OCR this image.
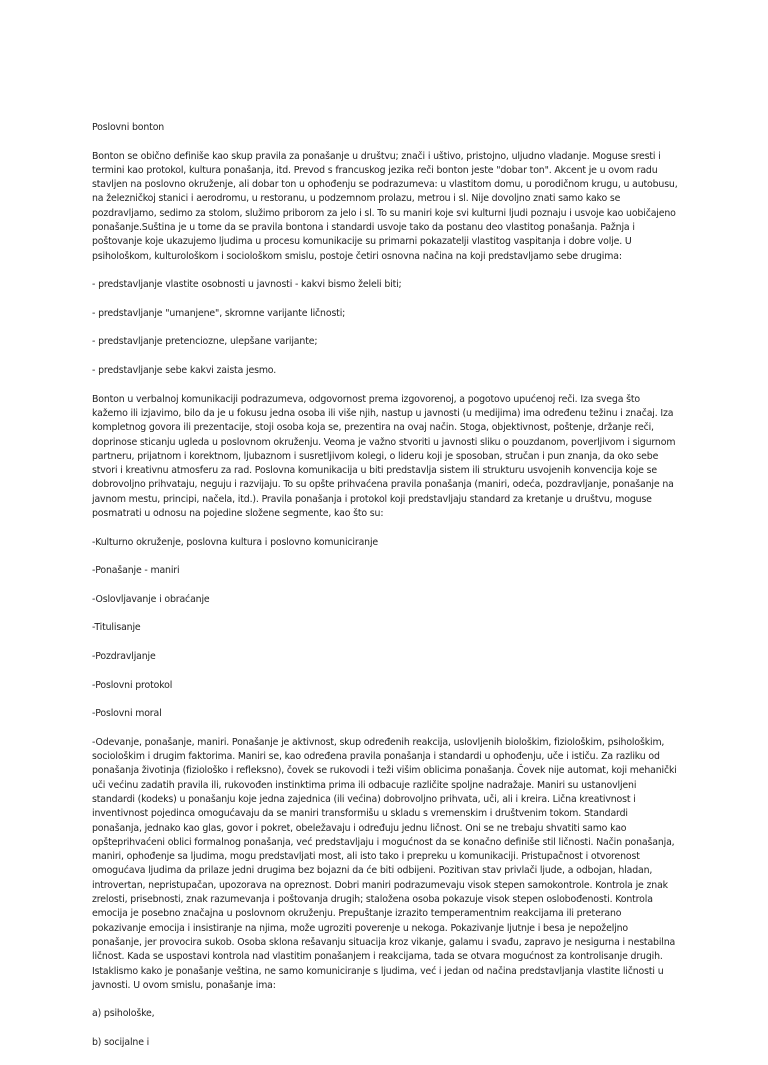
Poslovni bonton

Bonton se obično definiše kao skup pravila za ponašanje u društvu; znači i uštivo, pristojno, uljudno vladanje. Moguse sresti i termini kao protokol, kultura ponašanja, itd. Prevod s francuskog jezika reči bonton jeste "dobar ton". Akcent je u ovom radu stavljen na poslovno okruženje, ali dobar ton u ophođenju se podrazumeva: u vlastitom domu, u porodičnom krugu, u autobusu, na železničkoj stanici i aerodromu, u restoranu, u podzemnom prolazu, metrou i sl. Nije dovoljno znati samo kako se pozdravljamo, sedimo za stolom, služimo priborom za jelo i sl. To su maniri koje svi kulturni ljudi poznaju i usvoje kao uobičajeno ponašanje.Suština je u tome da se pravila bontona i standardi usvoje tako da postanu deo vlastitog ponašanja. Pažnja i poštovanje koje ukazujemo ljudima u procesu komunikacije su primarni pokazatelji vlastitog vaspitanja i dobre volje. U psihološkom, kulturološkom i sociološkom smislu, postoje četiri osnovna načina na koji predstavljamo sebe drugima:

- predstavljanje vlastite osobnosti u javnosti - kakvi bismo želeli biti;

- predstavljanje "umanjene", skromne varijante ličnosti;

- predstavljanje pretenciozne, ulepšane varijante;

- predstavljanje sebe kakvi zaista jesmo.

Bonton u verbalnoj komunikaciji podrazumeva, odgovornost prema izgovorenoj, a pogotovo upućenoj reči. Iza svega što kažemo ili izjavimo, bilo da je u fokusu jedna osoba ili više njih, nastup u javnosti (u medijima) ima određenu težinu i značaj. Iza kompletnog govora ili prezentacije, stoji osoba koja se, prezentira na ovaj način. Stoga, objektivnost, poštenje, držanje reči, doprinose sticanju ugleda u poslovnom okruženju. Veoma je važno stvoriti u javnosti sliku o pouzdanom, poverljivom i sigurnom partneru, prijatnom i korektnom, ljubaznom i susretljivom kolegi, o lideru koji je sposoban, stručan i pun znanja, da oko sebe stvori i kreativnu atmosferu za rad. Poslovna komunikacija u biti predstavlja sistem ili strukturu usvojenih konvencija koje se dobrovoljno prihvataju, neguju i razvijaju. To su opšte prihvaćena pravila ponašanja (maniri, odeća, pozdravljanje, ponašanje na javnom mestu, principi, načela, itd.). Pravila ponašanja i protokol koji predstavljaju standard za kretanje u društvu, moguse posmatrati u odnosu na pojedine složene segmente, kao što su:

-Kulturno okruženje, poslovna kultura i poslovno komuniciranje

-Ponašanje - maniri

-Oslovljavanje i obraćanje

-Titulisanje

-Pozdravljanje

-Poslovni protokol

-Poslovni moral

-Odevanje, ponašanje, maniri. Ponašanje je aktivnost, skup određenih reakcija, uslovljenih biološkim, fiziološkim, psihološkim, sociološkim i drugim faktorima. Maniri se, kao određena pravila ponašanja i standardi u ophođenju, uče i ističu. Za razliku od ponašanja životinja (fiziološko i refleksno), čovek se rukovodi i teži višim oblicima ponašanja. Čovek nije automat, koji mehanički uči većinu zadatih pravila ili, rukovođen instinktima prima ili odbacuje različite spoljne nadražaje. Maniri su ustanovljeni standardi (kodeks) u ponašanju koje jedna zajednica (ili većina) dobrovoljno prihvata, uči, ali i kreira. Lična kreativnost i inventivnost pojedinca omogućavaju da se maniri transformišu u skladu s vremenskim i društvenim tokom. Standardi ponašanja, jednako kao glas, govor i pokret, obeležavaju i određuju jednu ličnost. Oni se ne trebaju shvatiti samo kao opšteprihvaćeni oblici formalnog ponašanja, već predstavljaju i mogućnost da se konačno definiše stil ličnosti. Način ponašanja, maniri, ophođenje sa ljudima, mogu predstavljati most, ali isto tako i prepreku u komunikaciji. Pristupačnost i otvorenost omogućava ljudima da prilaze jedni drugima bez bojazni da će biti odbijeni. Pozitivan stav privlači ljude, a odbojan, hladan, introvertan, nepristupačan, upozorava na opreznost. Dobri maniri podrazumevaju visok stepen samokontrole. Kontrola je znak zrelosti, prisebnosti, znak razumevanja i poštovanja drugih; staložena osoba pokazuje visok stepen oslobođenosti. Kontrola emocija je posebno značajna u poslovnom okruženju. Prepuštanje izrazito temperamentnim reakcijama ili preterano pokazivanje emocija i insistiranje na njima, može ugroziti poverenje u nekoga. Pokazivanje ljutnje i besa je nepoželjno ponašanje, jer provocira sukob. Osoba sklona rešavanju situacija kroz vikanje, galamu i svađu, zapravo je nesigurna i nestabilna ličnost. Kada se uspostavi kontrola nad vlastitim ponašanjem i reakcijama, tada se otvara mogućnost za kontrolisanje drugih. Istaklismo kako je ponašanje veština, ne samo komuniciranje s ljudima, već i jedan od načina predstavljanja vlastite ličnosti u javnosti. U ovom smislu, ponašanje ima:

a) psihološke,

b) socijalne i
